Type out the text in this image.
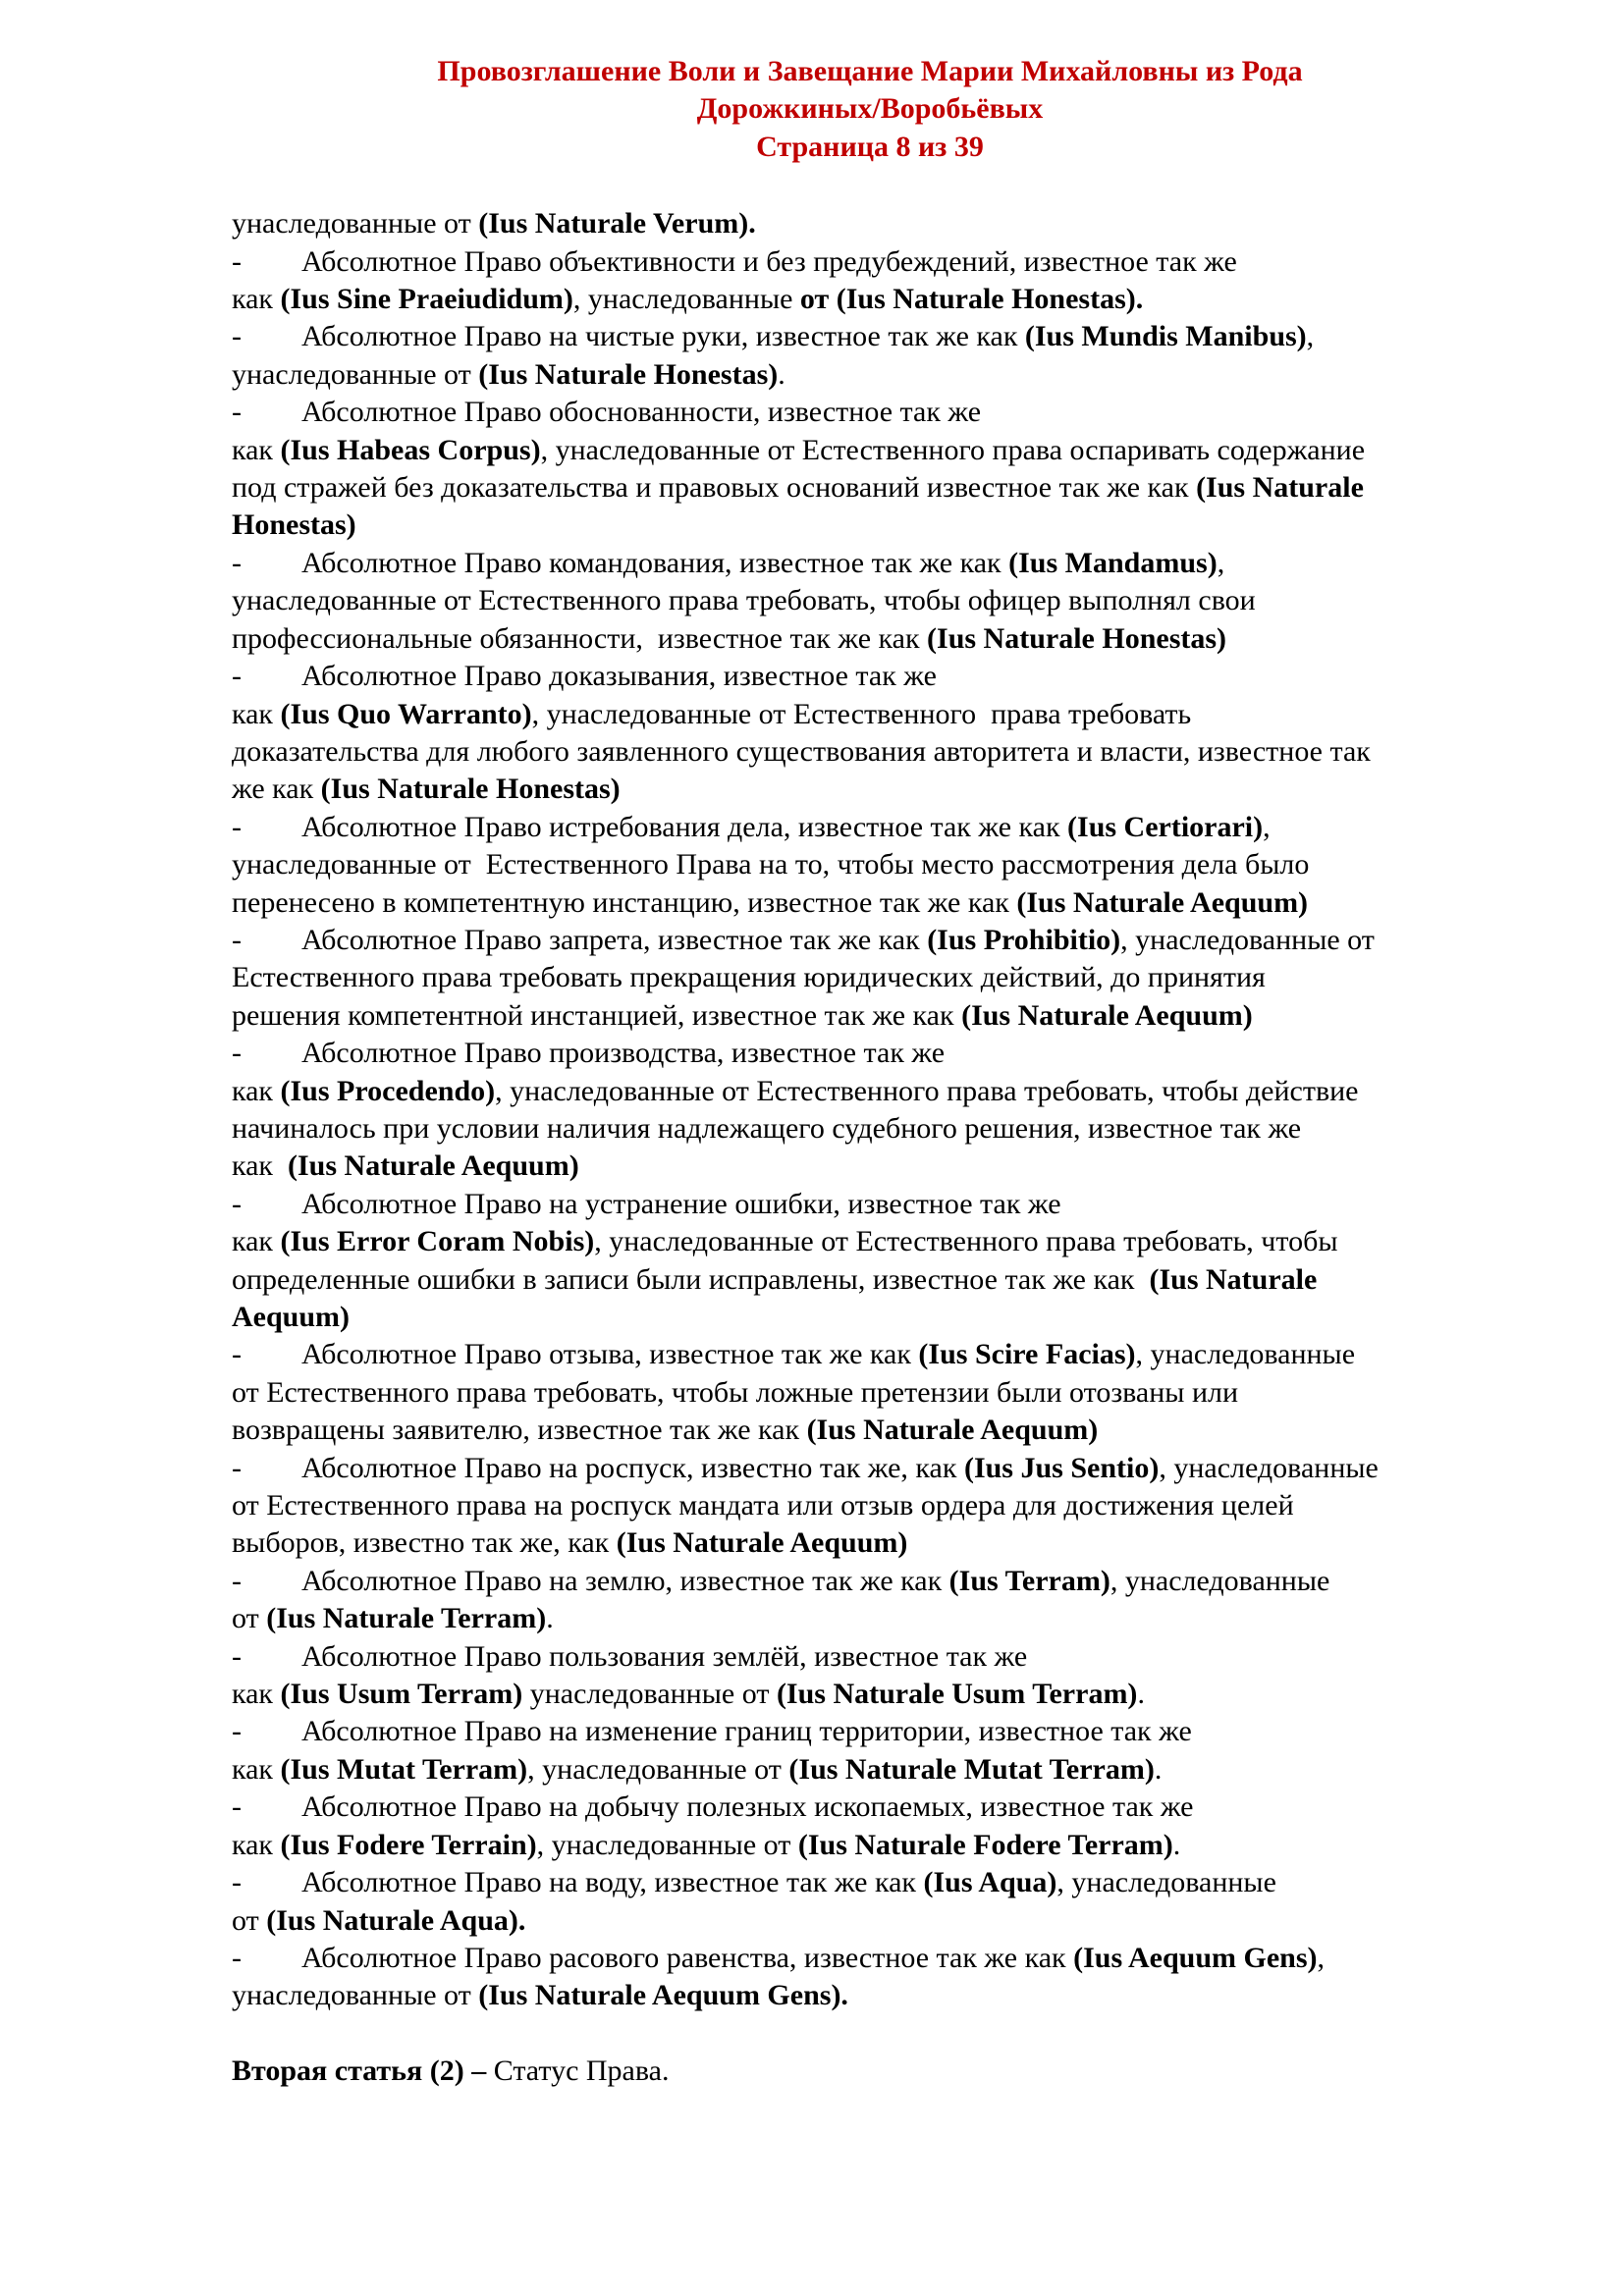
Провозглашение Воли и Завещание Марии Михайловны из Рода
Дорожкиных/Воробьёвых
Страница 8 из 39
унаследованные от (Ius Naturale Verum).
- Абсолютное Право объективности и без предубеждений, известное так же
как (Ius Sine Praeiudidum), унаследованные от (Ius Naturale Honestas).
- Абсолютное Право на чистые руки, известное так же как (Ius Mundis Manibus),
унаследованные от (Ius Naturale Honestas).
- Абсолютное Право обоснованности, известное так же
как (Ius Habeas Corpus), унаследованные от Естественного права оспаривать содержание
под стражей без доказательства и правовых оснований известное так же как (Ius Naturale
Honestas)
- Абсолютное Право командования, известное так же как (Ius Mandamus),
унаследованные от Естественного права требовать, чтобы офицер выполнял свои
профессиональные обязанности,  известное так же как (Ius Naturale Honestas)
- Абсолютное Право доказывания, известное так же
как (Ius Quo Warranto), унаследованные от Естественного  права требовать
доказательства для любого заявленного существования авторитета и власти, известное так
же как (Ius Naturale Honestas)
- Абсолютное Право истребования дела, известное так же как (Ius Certiorari),
унаследованные от  Естественного Права на то, чтобы место рассмотрения дела было
перенесено в компетентную инстанцию, известное так же как (Ius Naturale Aequum)
- Абсолютное Право запрета, известное так же как (Ius Prohibitio), унаследованные от
Естественного права требовать прекращения юридических действий, до принятия
решения компетентной инстанцией, известное так же как (Ius Naturale Aequum)
- Абсолютное Право производства, известное так же
как (Ius Procedendo), унаследованные от Естественного права требовать, чтобы действие
начиналось при условии наличия надлежащего судебного решения, известное так же
как  (Ius Naturale Aequum)
- Абсолютное Право на устранение ошибки, известное так же
как (Ius Error Coram Nobis), унаследованные от Естественного права требовать, чтобы
определенные ошибки в записи были исправлены, известное так же как  (Ius Naturale
Aequum)
- Абсолютное Право отзыва, известное так же как (Ius Scire Facias), унаследованные
от Естественного права требовать, чтобы ложные претензии были отозваны или
возвращены заявителю, известное так же как (Ius Naturale Aequum)
- Абсолютное Право на роспуск, известно так же, как (Ius Jus Sentio), унаследованные
от Естественного права на роспуск мандата или отзыв ордера для достижения целей
выборов, известно так же, как (Ius Naturale Aequum)
- Абсолютное Право на землю, известное так же как (Ius Terram), унаследованные
от (Ius Naturale Terram).
- Абсолютное Право пользования землёй, известное так же
как (Ius Usum Terram) унаследованные от (Ius Naturale Usum Terram).
- Абсолютное Право на изменение границ территории, известное так же
как (Ius Mutat Terram), унаследованные от (Ius Naturale Mutat Terram).
- Абсолютное Право на добычу полезных ископаемых, известное так же
как (Ius Fodere Terrain), унаследованные от (Ius Naturale Fodere Terram).
- Абсолютное Право на воду, известное так же как (Ius Aqua), унаследованные
от (Ius Naturale Aqua).
- Абсолютное Право расового равенства, известное так же как (Ius Aequum Gens),
унаследованные от (Ius Naturale Aequum Gens).

Вторая статья (2) – Статус Права.
